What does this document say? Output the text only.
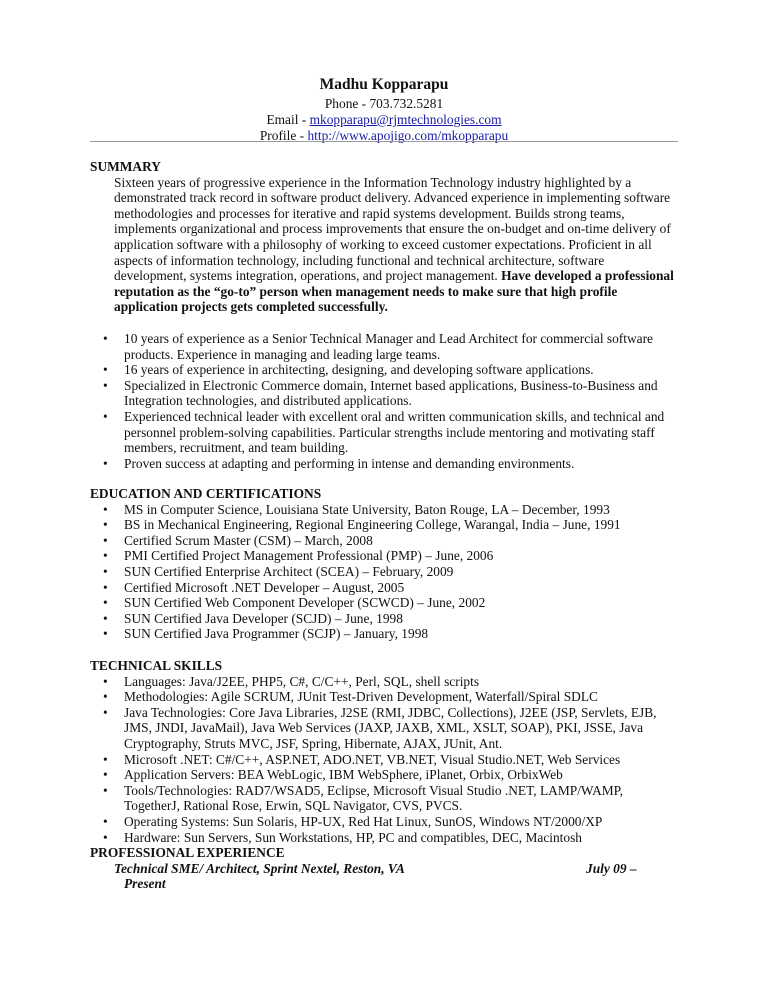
Madhu Kopparapu
Phone - 703.732.5281
Email - mkopparapu@rjmtechnologies.com
Profile - http://www.apojigo.com/mkopparapu
SUMMARY
Sixteen years of progressive experience in the Information Technology industry highlighted by a demonstrated track record in software product delivery. Advanced experience in implementing software methodologies and processes for iterative and rapid systems development. Builds strong teams, implements organizational and process improvements that ensure the on-budget and on-time delivery of application software with a philosophy of working to exceed customer expectations. Proficient in all aspects of information technology, including functional and technical architecture, software development, systems integration, operations, and project management. Have developed a professional reputation as the “go-to” person when management needs to make sure that high profile application projects gets completed successfully.
• 10 years of experience as a Senior Technical Manager and Lead Architect for commercial software products. Experience in managing and leading large teams.
• 16 years of experience in architecting, designing, and developing software applications.
• Specialized in Electronic Commerce domain, Internet based applications, Business-to-Business and Integration technologies, and distributed applications.
• Experienced technical leader with excellent oral and written communication skills, and technical and personnel problem-solving capabilities. Particular strengths include mentoring and motivating staff members, recruitment, and team building.
• Proven success at adapting and performing in intense and demanding environments.
EDUCATION AND CERTIFICATIONS
• MS in Computer Science, Louisiana State University, Baton Rouge, LA – December, 1993
• BS in Mechanical Engineering, Regional Engineering College, Warangal, India – June, 1991
• Certified Scrum Master (CSM) – March, 2008
• PMI Certified Project Management Professional (PMP) – June, 2006
• SUN Certified Enterprise Architect (SCEA) – February, 2009
• Certified Microsoft .NET Developer – August, 2005
• SUN Certified Web Component Developer (SCWCD) – June, 2002
• SUN Certified Java Developer (SCJD) – June, 1998
• SUN Certified Java Programmer (SCJP) – January, 1998
TECHNICAL SKILLS
• Languages: Java/J2EE, PHP5, C#, C/C++, Perl, SQL, shell scripts
• Methodologies: Agile SCRUM, JUnit Test-Driven Development, Waterfall/Spiral SDLC
• Java Technologies: Core Java Libraries, J2SE (RMI, JDBC, Collections), J2EE (JSP, Servlets, EJB, JMS, JNDI, JavaMail), Java Web Services (JAXP, JAXB, XML, XSLT, SOAP), PKI, JSSE, Java Cryptography, Struts MVC, JSF, Spring, Hibernate, AJAX, JUnit, Ant.
• Microsoft .NET: C#/C++, ASP.NET, ADO.NET, VB.NET, Visual Studio.NET, Web Services
• Application Servers: BEA WebLogic, IBM WebSphere, iPlanet, Orbix, OrbixWeb
• Tools/Technologies: RAD7/WSAD5, Eclipse, Microsoft Visual Studio .NET, LAMP/WAMP, TogetherJ, Rational Rose, Erwin, SQL Navigator, CVS, PVCS.
• Operating Systems: Sun Solaris, HP-UX, Red Hat Linux, SunOS, Windows NT/2000/XP
• Hardware: Sun Servers, Sun Workstations, HP, PC and compatibles, DEC, Macintosh
PROFESSIONAL EXPERIENCE
Technical SME/ Architect, Sprint Nextel, Reston, VA	July 09 –
Present
